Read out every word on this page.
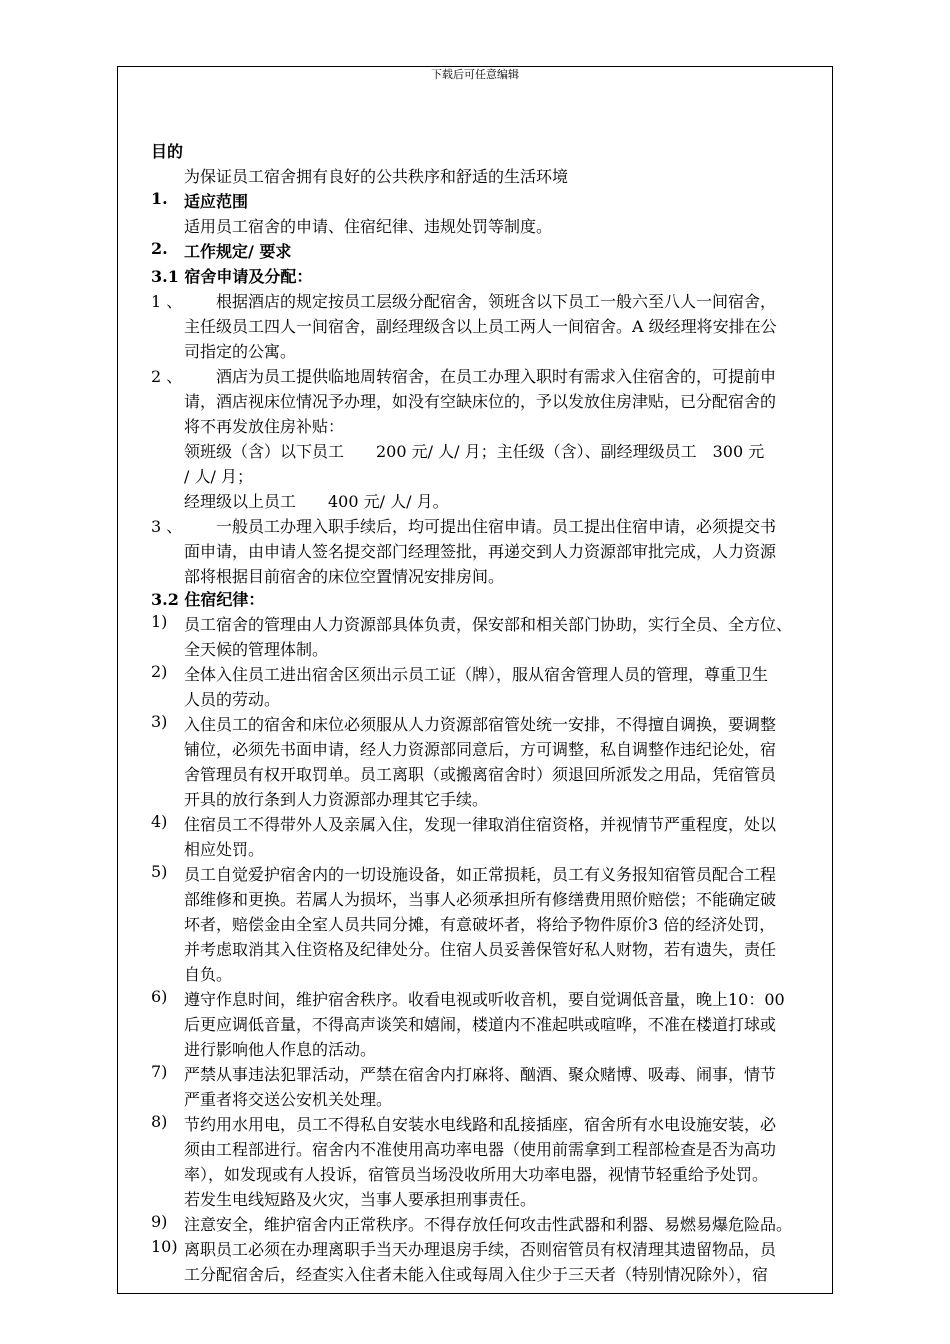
下载后可任意编辑
目的
为保证员工宿舍拥有良好的公共秩序和舒适的生活环境
1. 适应范围
适用员工宿舍的申请、住宿纪律、违规处罚等制度。
2. 工作规定/ 要求
3.1 宿舍申请及分配：
3.2 住宿纪律：
1 、 根据酒店的规定按员工层级分配宿舍，领班含以下员工一般六至八人一间宿舍，
主任级员工四人一间宿舍，副经理级含以上员工两人一间宿舍。A 级经理将安排在公
司指定的公寓。
2 、 酒店为员工提供临地周转宿舍，在员工办理入职时有需求入住宿舍的，可提前申
请，酒店视床位情况予办理，如没有空缺床位的，予以发放住房津贴，已分配宿舍的
将不再发放住房补贴：
领班级（含）以下员工　　200 元/ 人/ 月；主任级（含）、副经理级员工　300 元
/ 人/ 月；
经理级以上员工　　400 元/ 人/ 月。
3 、 一般员工办理入职手续后，均可提出住宿申请。员工提出住宿申请，必须提交书
面申请，由申请人签名提交部门经理签批，再递交到人力资源部审批完成，人力资源
部将根据目前宿舍的床位空置情况安排房间。
1) 员工宿舍的管理由人力资源部具体负责，保安部和相关部门协助，实行全员、全方位、
全天候的管理体制。
2) 全体入住员工进出宿舍区须出示员工证（牌），服从宿舍管理人员的管理，尊重卫生
人员的劳动。
3) 入住员工的宿舍和床位必须服从人力资源部宿管处统一安排，不得擅自调换，要调整
铺位，必须先书面申请，经人力资源部同意后，方可调整，私自调整作违纪论处，宿
舍管理员有权开取罚单。员工离职（或搬离宿舍时）须退回所派发之用品，凭宿管员
开具的放行条到人力资源部办理其它手续。
4) 住宿员工不得带外人及亲属入住，发现一律取消住宿资格，并视情节严重程度，处以
相应处罚。
5) 员工自觉爱护宿舍内的一切设施设备，如正常损耗，员工有义务报知宿管员配合工程
部维修和更换。若属人为损坏，当事人必须承担所有修缮费用照价赔偿；不能确定破
坏者，赔偿金由全室人员共同分摊，有意破坏者，将给予物件原价3 倍的经济处罚，
并考虑取消其入住资格及纪律处分。住宿人员妥善保管好私人财物，若有遗失，责任
自负。
6) 遵守作息时间，维护宿舍秩序。收看电视或听收音机，要自觉调低音量，晚上10：00
后更应调低音量，不得高声谈笑和嬉闹，楼道内不准起哄或喧哗，不准在楼道打球或
进行影响他人作息的活动。
7) 严禁从事违法犯罪活动，严禁在宿舍内打麻将、酗酒、聚众赌博、吸毒、闹事，情节
严重者将交送公安机关处理。
8) 节约用水用电，员工不得私自安装水电线路和乱接插座，宿舍所有水电设施安装，必
须由工程部进行。宿舍内不准使用高功率电器（使用前需拿到工程部检查是否为高功
率），如发现或有人投诉，宿管员当场没收所用大功率电器，视情节轻重给予处罚。
若发生电线短路及火灾，当事人要承担刑事责任。
9) 注意安全，维护宿舍内正常秩序。不得存放任何攻击性武器和利器、易燃易爆危险品。
10) 离职员工必须在办理离职手当天办理退房手续，否则宿管员有权清理其遗留物品，员
工分配宿舍后，经查实入住者未能入住或每周入住少于三天者（特别情况除外），宿
